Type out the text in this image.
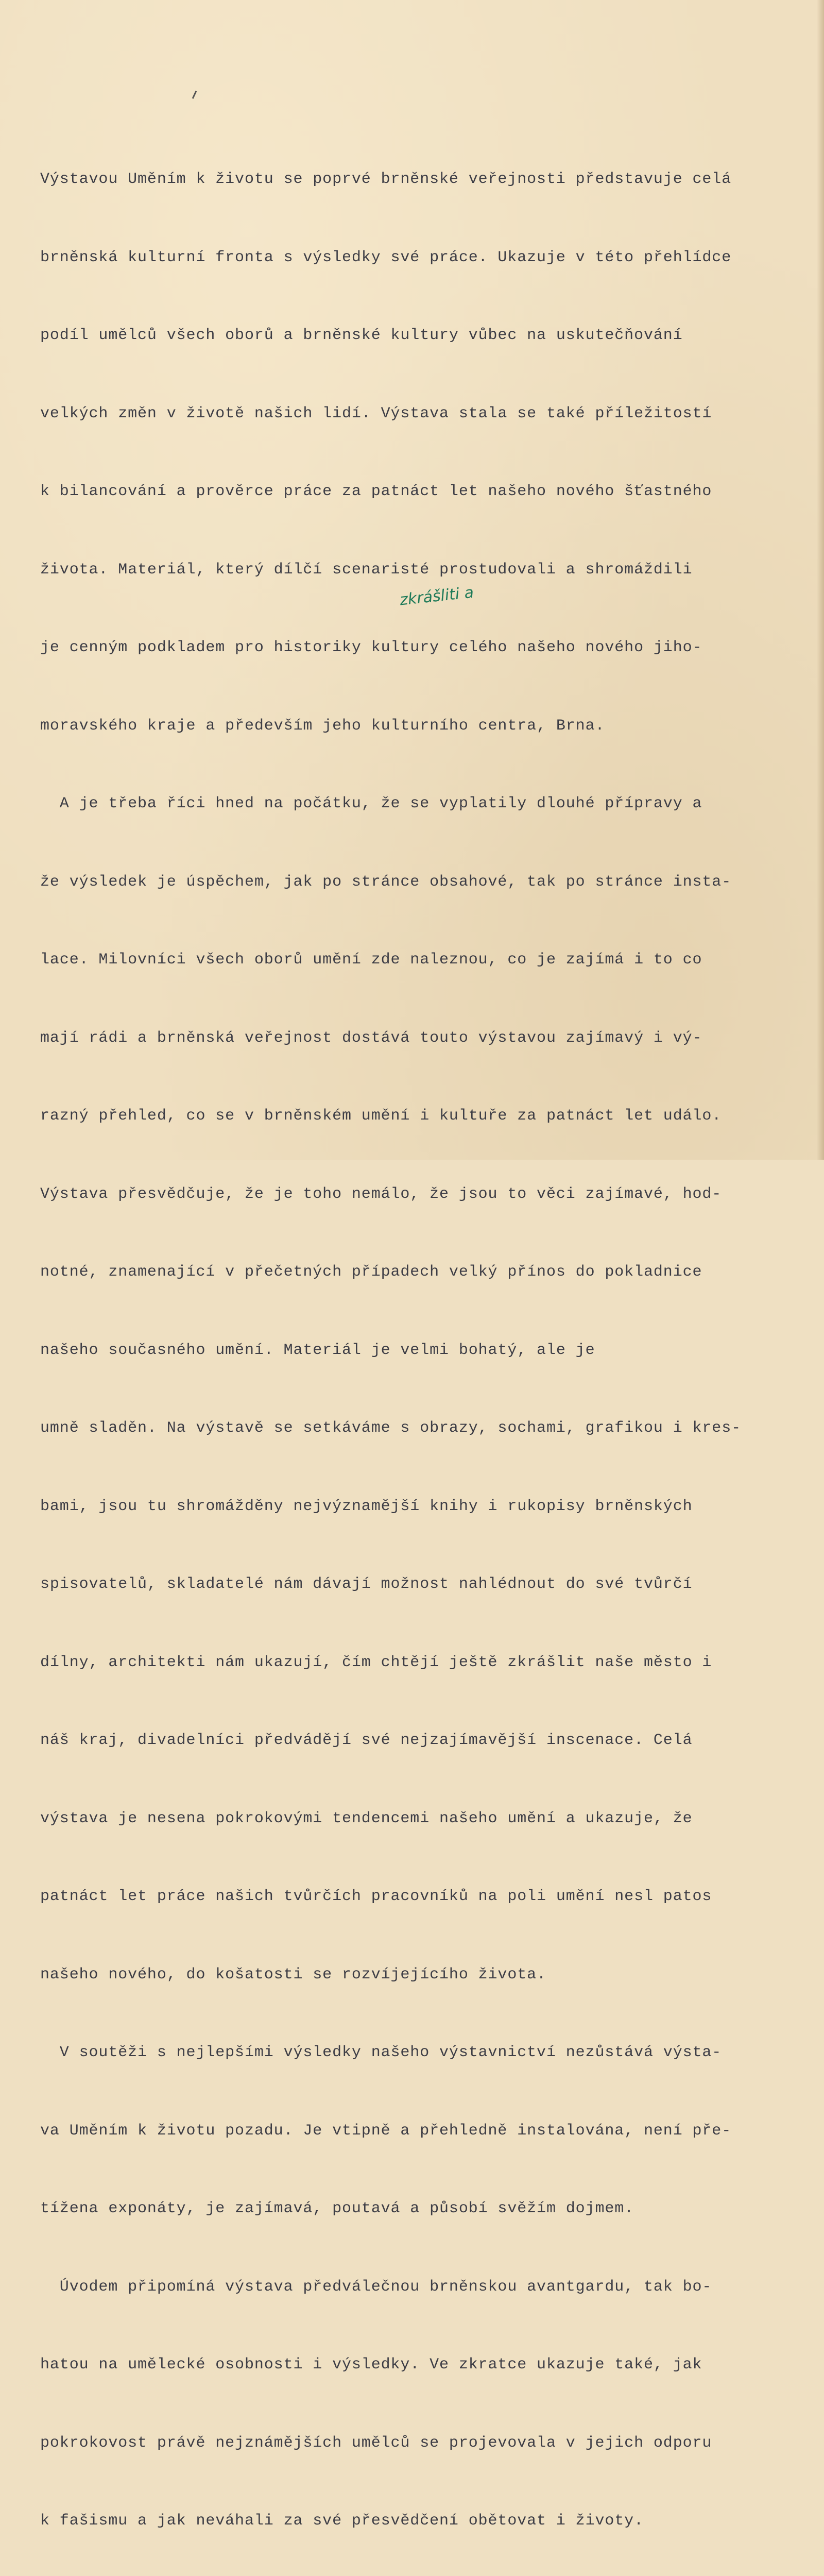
zkrášliti a

Výstavou Uměním k životu se poprvé brněnské veřejnosti představuje celá

brněnská kulturní fronta s výsledky své práce. Ukazuje v této přehlídce

podíl umělců všech oborů a brněnské kultury vůbec na uskutečňování

velkých změn v životě našich lidí. Výstava stala se také příležitostí

k bilancování a prověrce práce za patnáct let našeho nového šťastného

života. Materiál, který dílčí scenaristé prostudovali a shromáždili

je cenným podkladem pro historiky kultury celého našeho nového jiho-

moravského kraje a především jeho kulturního centra, Brna.

A je třeba říci hned na počátku, že se vyplatily dlouhé přípravy a

že výsledek je úspěchem, jak po stránce obsahové, tak po stránce insta-

lace. Milovníci všech oborů umění zde naleznou, co je zajímá i to co

mají rádi a brněnská veřejnost dostává touto výstavou zajímavý i vý-

razný přehled, co se v brněnském umění i kultuře za patnáct let událo.

Výstava přesvědčuje, že je toho nemálo, že jsou to věci zajímavé, hod-

notné, znamenající v přečetných případech velký přínos do pokladnice

našeho současného umění. Materiál je velmi bohatý, ale je

umně sladěn. Na výstavě se setkáváme s obrazy, sochami, grafikou i kres-

bami, jsou tu shromážděny nejvýznamější knihy i rukopisy brněnských

spisovatelů, skladatelé nám dávají možnost nahlédnout do své tvůrčí

dílny, architekti nám ukazují, čím chtějí ještě zkrášlit naše město i

náš kraj, divadelníci předvádějí své nejzajímavější inscenace. Celá

výstava je nesena pokrokovými tendencemi našeho umění a ukazuje, že

patnáct let práce našich tvůrčích pracovníků na poli umění nesl patos

našeho nového, do košatosti se rozvíjejícího života.

V soutěži s nejlepšími výsledky našeho výstavnictví nezůstává výsta-

va Uměním k životu pozadu. Je vtipně a přehledně instalována, není pře-

tížena exponáty, je zajímavá, poutavá a působí svěžím dojmem.

Úvodem připomíná výstava předválečnou brněnskou avantgardu, tak bo-

hatou na umělecké osobnosti i výsledky. Ve zkratce ukazuje také, jak

pokrokovost právě nejznámějších umělců se projevovala v jejich odporu

k fašismu a jak neváhali za své přesvědčení obětovat i životy.
